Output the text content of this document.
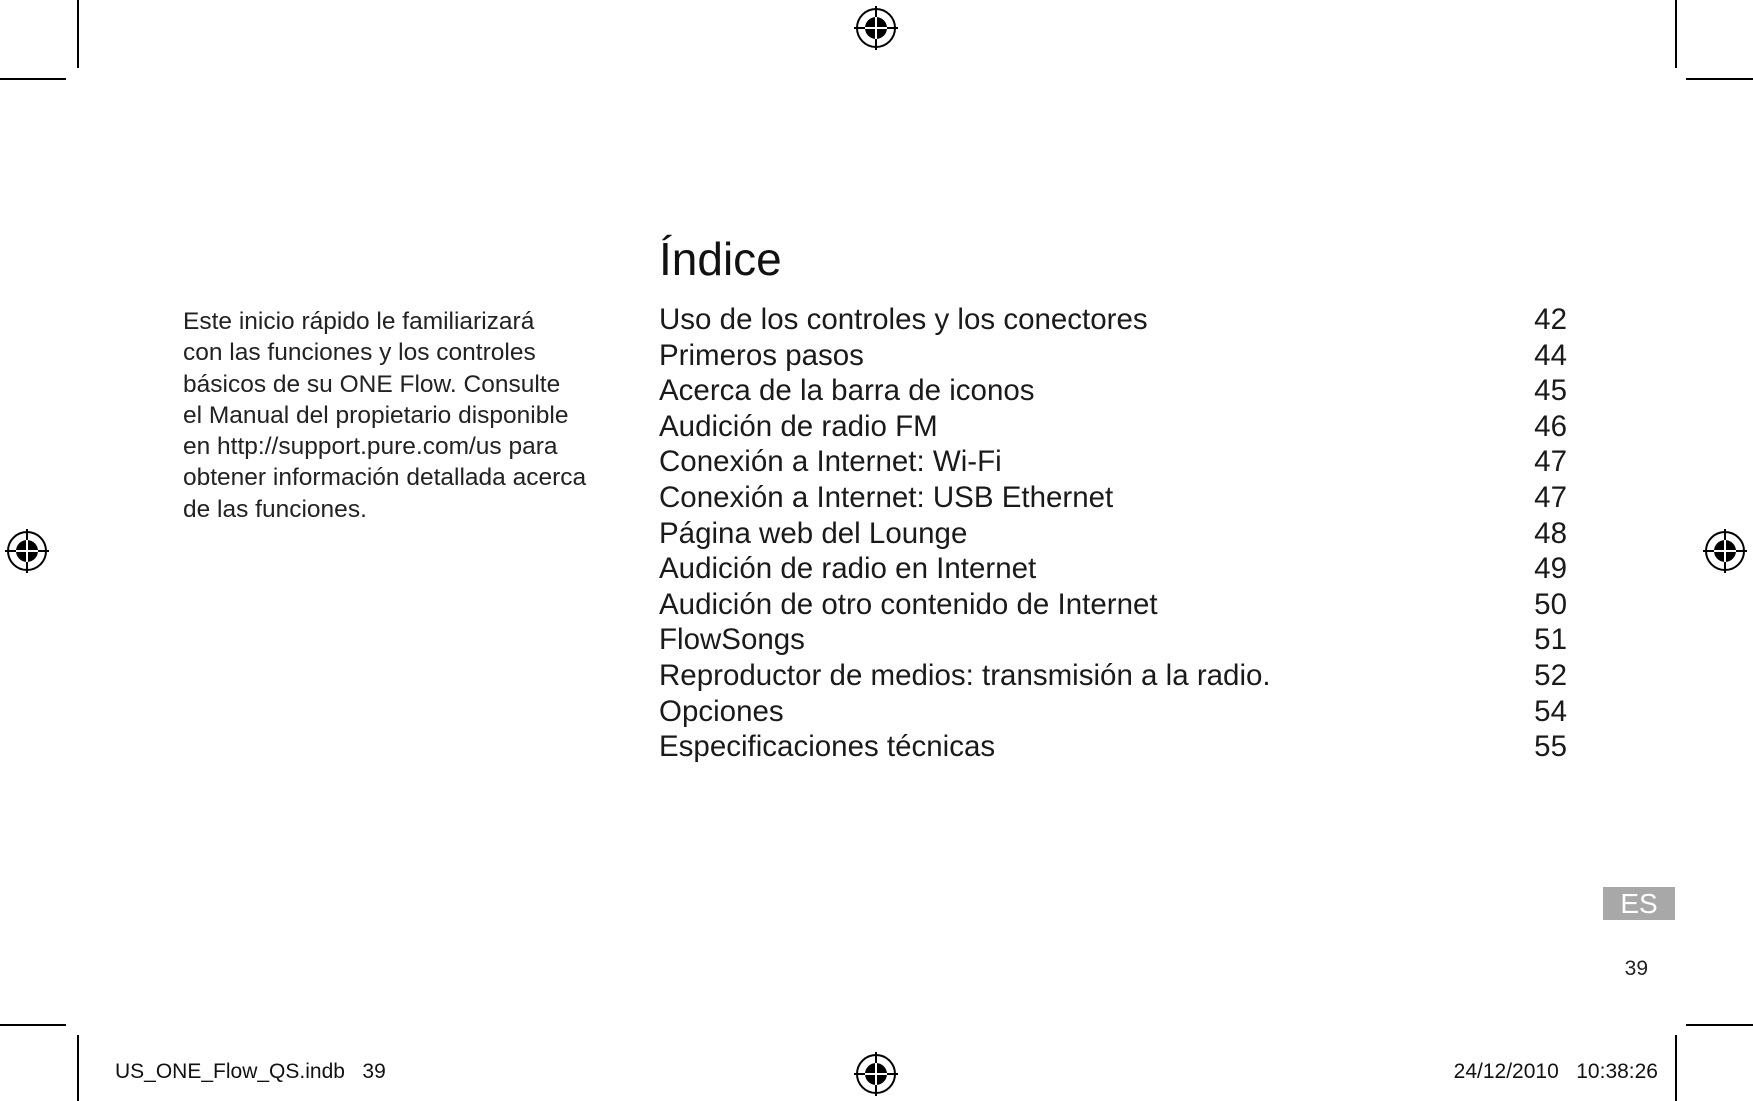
Este inicio rápido le familiarizará
con las funciones y los controles
básicos de su ONE Flow. Consulte
el Manual del propietario disponible
en http://support.pure.com/us para
obtener información detallada acerca
de las funciones.
Índice
Uso de los controles y los conectores	42
Primeros pasos	44
Acerca de la barra de iconos	45
Audición de radio FM	46
Conexión a Internet: Wi-Fi	47
Conexión a Internet: USB Ethernet	47
Página web del Lounge	48
Audición de radio en Internet	49
Audición de otro contenido de Internet	50
FlowSongs	51
Reproductor de medios: transmisión a la radio.	52
Opciones	54
Especificaciones técnicas	55
ES
39
US_ONE_Flow_QS.indb   39	24/12/2010   10:38:26
